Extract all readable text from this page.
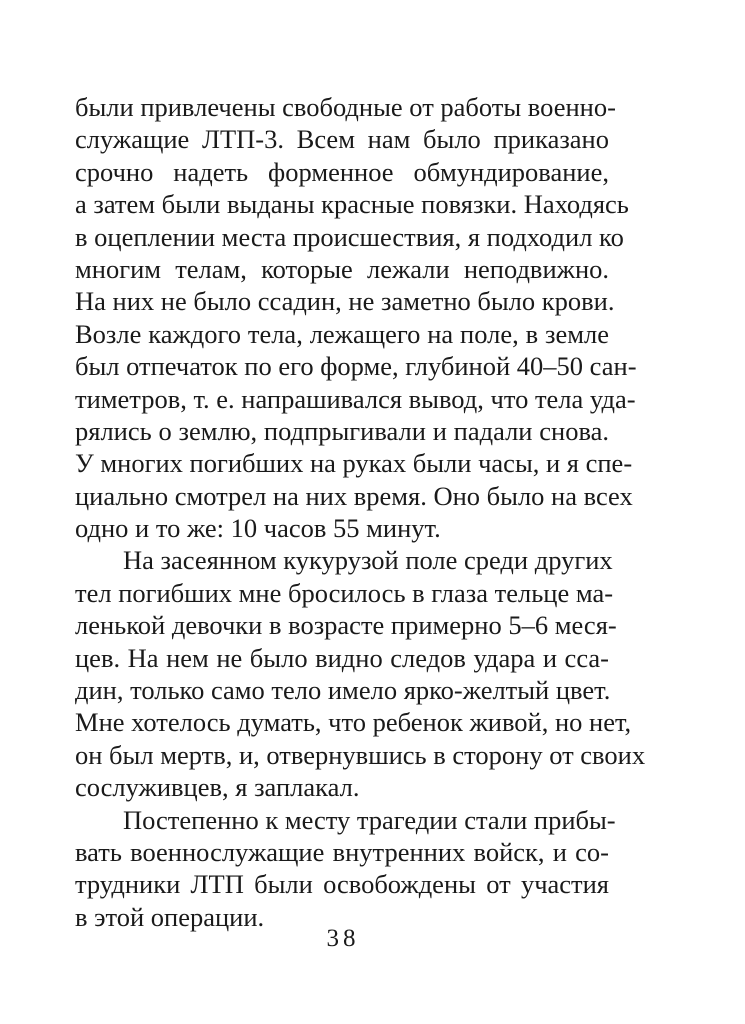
были привлечены свободные от работы военно-
служащие ЛТП-3. Всем нам было приказано
срочно надеть форменное обмундирование,
а затем были выданы красные повязки. Находясь
в оцеплении места происшествия, я подходил ко
многим телам, которые лежали неподвижно.
На них не было ссадин, не заметно было крови.
Возле каждого тела, лежащего на поле, в земле
был отпечаток по его форме, глубиной 40–50 сан-
тиметров, т. е. напрашивался вывод, что тела уда-
рялись о землю, подпрыгивали и падали снова.
У многих погибших на руках были часы, и я спе-
циально смотрел на них время. Оно было на всех
одно и то же: 10 часов 55 минут.
На засеянном кукурузой поле среди других
тел погибших мне бросилось в глаза тельце ма-
ленькой девочки в возрасте примерно 5–6 меся-
цев. На нем не было видно следов удара и сса-
дин, только само тело имело ярко-желтый цвет.
Мне хотелось думать, что ребенок живой, но нет,
он был мертв, и, отвернувшись в сторону от своих
сослуживцев, я заплакал.
Постепенно к месту трагедии стали прибы-
вать военнослужащие внутренних войск, и со-
трудники ЛТП были освобождены от участия
в этой операции.
38
